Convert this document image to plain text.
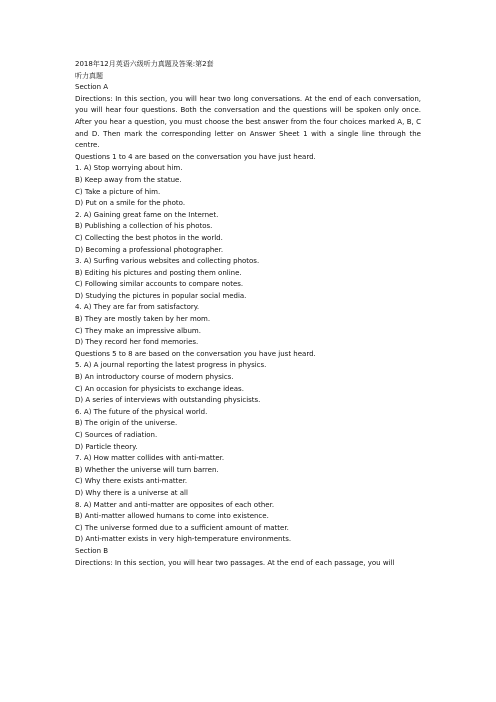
2018年12月英语六级听力真题及答案:第2套
听力真题
Section A
Directions: In this section, you will hear two long conversations. At the end of each conversation, you will hear four questions. Both the conversation and the questions will be spoken only once. After you hear a question, you must choose the best answer from the four choices marked A, B, C and D. Then mark the corresponding letter on Answer Sheet 1 with a single line through the centre.
Questions 1 to 4 are based on the conversation you have just heard.
1. A) Stop worrying about him.
B) Keep away from the statue.
C) Take a picture of him.
D) Put on a smile for the photo.
2. A) Gaining great fame on the Internet.
B) Publishing a collection of his photos.
C) Collecting the best photos in the world.
D) Becoming a professional photographer.
3. A) Surfing various websites and collecting photos.
B) Editing his pictures and posting them online.
C) Following similar accounts to compare notes.
D) Studying the pictures in popular social media.
4. A) They are far from satisfactory.
B) They are mostly taken by her mom.
C) They make an impressive album.
D) They record her fond memories.
Questions 5 to 8 are based on the conversation you have just heard.
5. A) A journal reporting the latest progress in physics.
B) An introductory course of modern physics.
C) An occasion for physicists to exchange ideas.
D) A series of interviews with outstanding physicists.
6. A) The future of the physical world.
B) The origin of the universe.
C) Sources of radiation.
D) Particle theory.
7. A) How matter collides with anti-matter.
B) Whether the universe will turn barren.
C) Why there exists anti-matter.
D) Why there is a universe at all
8. A) Matter and anti-matter are opposites of each other.
B) Anti-matter allowed humans to come into existence.
C) The universe formed due to a sufficient amount of matter.
D) Anti-matter exists in very high-temperature environments.
Section B
Directions: In this section, you will hear two passages. At the end of each passage, you will
